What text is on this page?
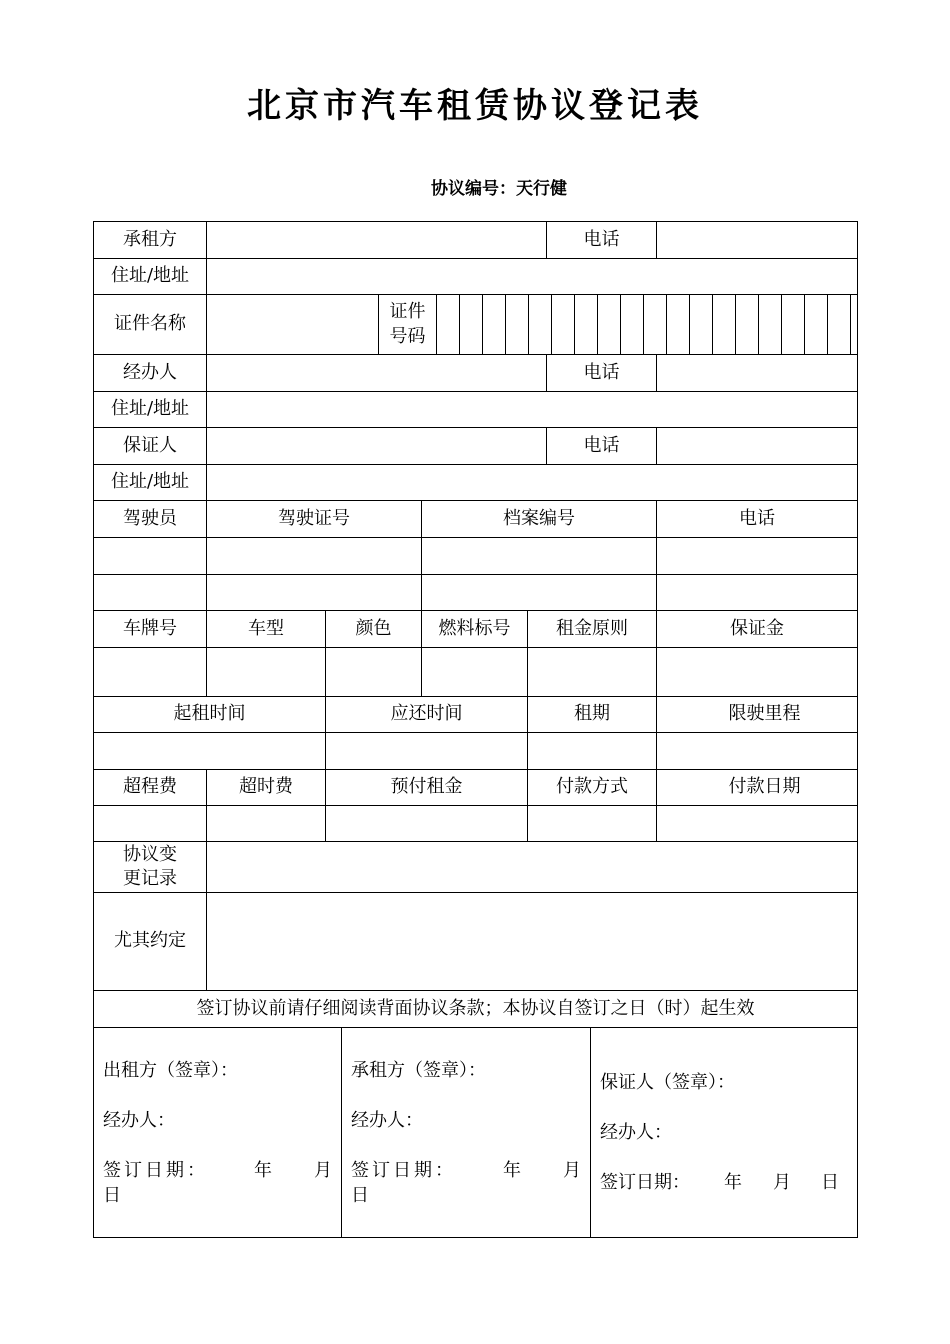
北京市汽车租赁协议登记表
协议编号：天行健
承租方	电话
住址/地址
证件名称
证件
号码
经办人	电话
住址/地址
保证人	电话
住址/地址
驾驶员	驾驶证号	档案编号	电话
车牌号	车型	颜色	燃料标号	租金原则	保证金
起租时间	应还时间	租期	限驶里程
超程费	超时费	预付租金	付款方式	付款日期
协议变
更记录
尤其约定
签订协议前请仔细阅读背面协议条款；本协议自签订之日（时）起生效
出租方（签章）：
经办人：
签订日期：	年 月
日
承租方（签章）：
经办人：
签订日期：	年 月
日
保证人（签章）：
经办人：
签订日期： 年 月 日
